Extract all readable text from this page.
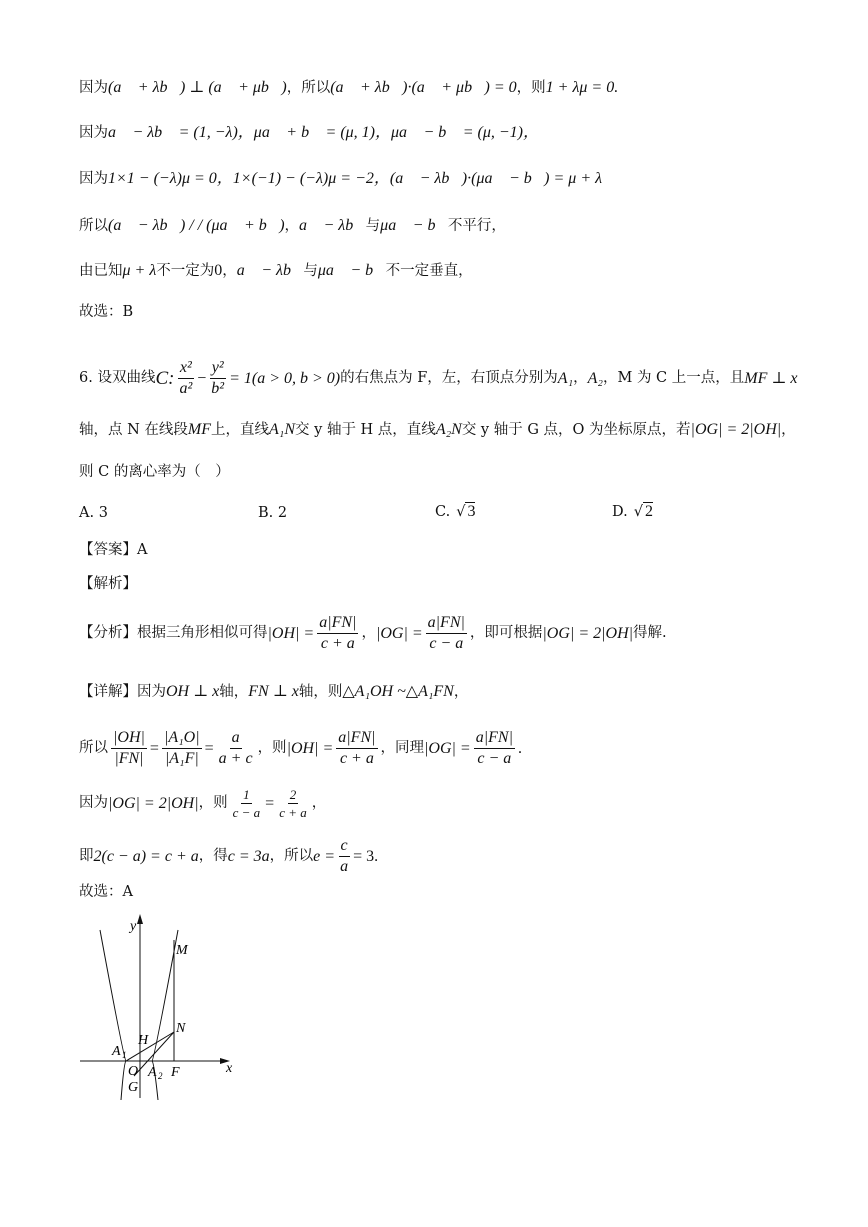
因为 (a⃗ + λb⃗) ⊥ (a⃗ + μb⃗) ，所以 (a⃗ + λb⃗)·(a⃗ + μb⃗) = 0 ，则 1 + λμ = 0.
因为 a⃗ − λb⃗ = (1, −λ)，μa⃗ + b⃗ = (μ, 1)，μa⃗ − b⃗ = (μ, −1)，
因为 1×1 − (−λ)μ = 0，1×(−1) − (−λ)μ = −2，(a⃗ − λb⃗)·(μa⃗ − b⃗) = μ + λ
所以 (a⃗ − λb⃗) / / (μa⃗ + b⃗) ， a⃗ − λb⃗ 与 μa⃗ − b⃗ 不平行，
由已知 μ + λ 不一定为 0 ， a⃗ − λb⃗ 与 μa⃗ − b⃗ 不一定垂直，
故选：B
6. 设双曲线 C: $\frac{\text{x²}}{\text{a²}} - \frac{\text{y²}}{\text{b²}} = 1(a > 0$, b > 0) 的右焦点为 F，左，右顶点分别为 A₁ ， A₂ ，M 为 C 上一点，且 MF ⊥ x
轴，点 N 在线段 MF 上，直线 A₁N 交 y 轴于 H 点，直线 A₂N 交 y 轴于 G 点，O 为坐标原点，若 |OG| = 2|OH| ，
则 C 的离心率为（　）
A. 3	B. 2	C. √ 3	D. √ 2
【答案】A
【解析】
【分析】根据三角形相似可得 $|OH| = \frac{a|FN|}{c + a}$ ， $|OG| = \frac{a|FN|}{c - a}$ ，即可根据 |OG| = 2|OH| 得解.
【详解】因为 OH ⊥ x 轴， FN ⊥ x 轴，则 △A₁OH ~△A₁FN ，
所以 $\frac{|OH|}{|FN|} = \frac{\text{|A₁O|}}{\text{|A₁F|}} = \frac{a}{a + c}$ ，则 $|OH| = \frac{a|FN|}{c + a}$ ，同理 $|OG| = \frac{a|FN|}{c - a}$ .
因为 |OG| = 2|OH| ，则 $\frac{1}{c - a} = \frac{2}{c + a}$ ，
即 2(c − a) = c + a ，得 c = 3a ，所以 $e = \frac{c}{a} = 3$.
故选：A
y
x
M
N
H
A 1
O
G
A 2 F
